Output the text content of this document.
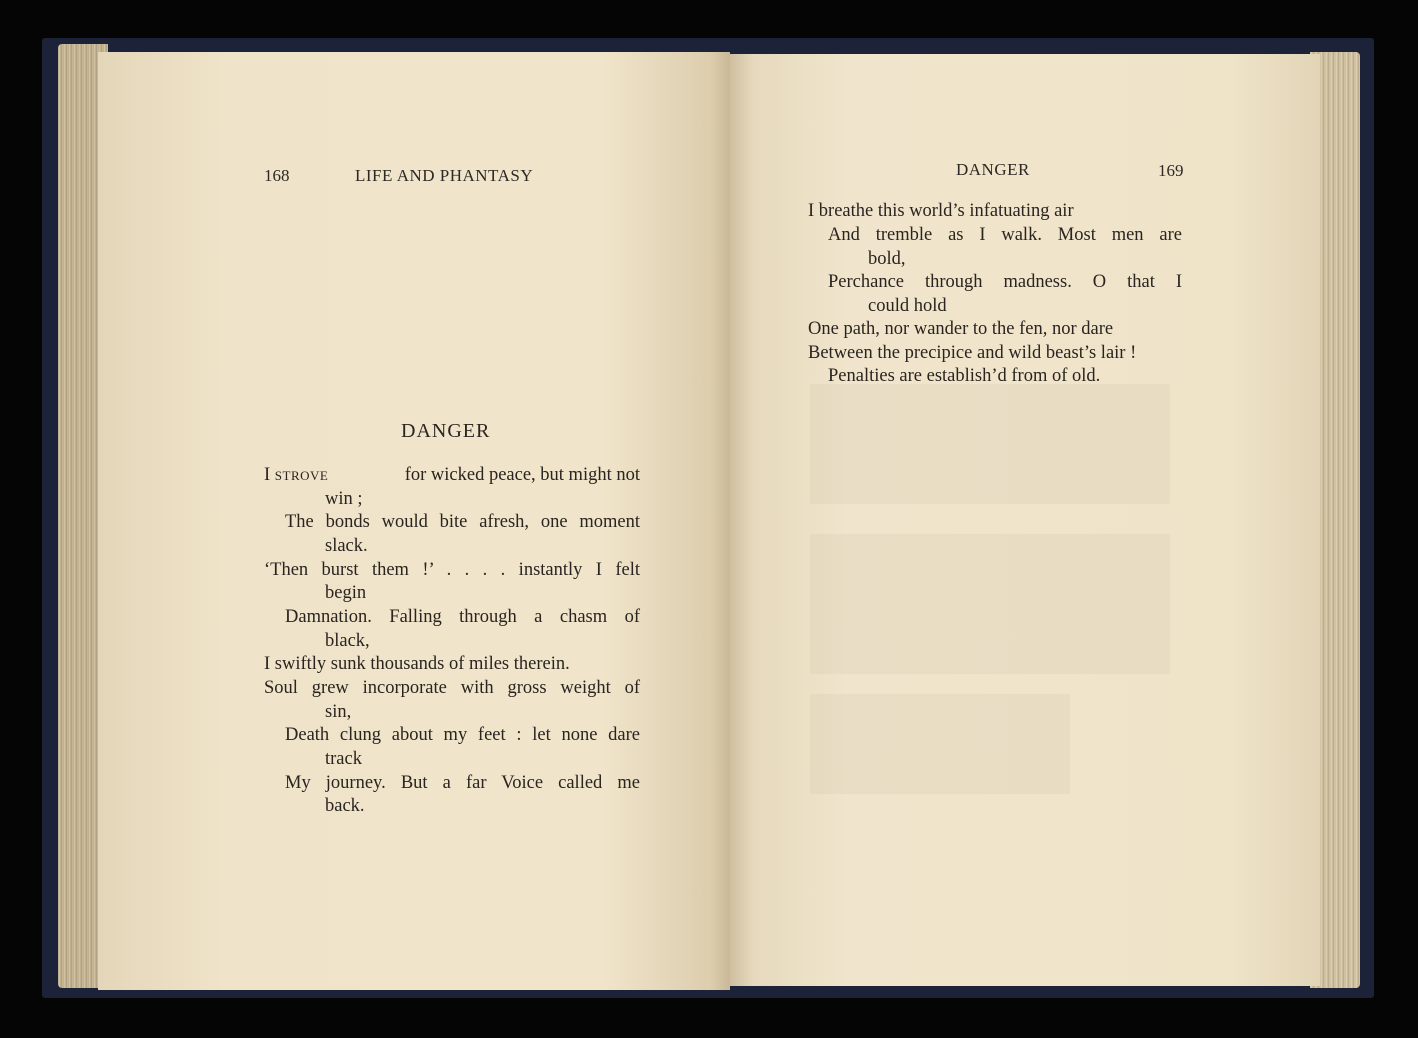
168	LIFE AND PHANTASY
DANGER
I strove	for wicked peace, but might not
win ;
The bonds would bite afresh, one moment
slack.
‘Then burst them !’ . . . . instantly I felt
begin
Damnation. Falling through a chasm of
black,
I swiftly sunk thousands of miles therein.
Soul grew incorporate with gross weight of
sin,
Death clung about my feet : let none dare
track
My journey. But a far Voice called me
back.
DANGER	169
I breathe this world’s infatuating air
And tremble as I walk. Most men are
bold,
Perchance through madness. O that I
could hold
One path, nor wander to the fen, nor dare
Between the precipice and wild beast’s lair !
Penalties are establish’d from of old.
